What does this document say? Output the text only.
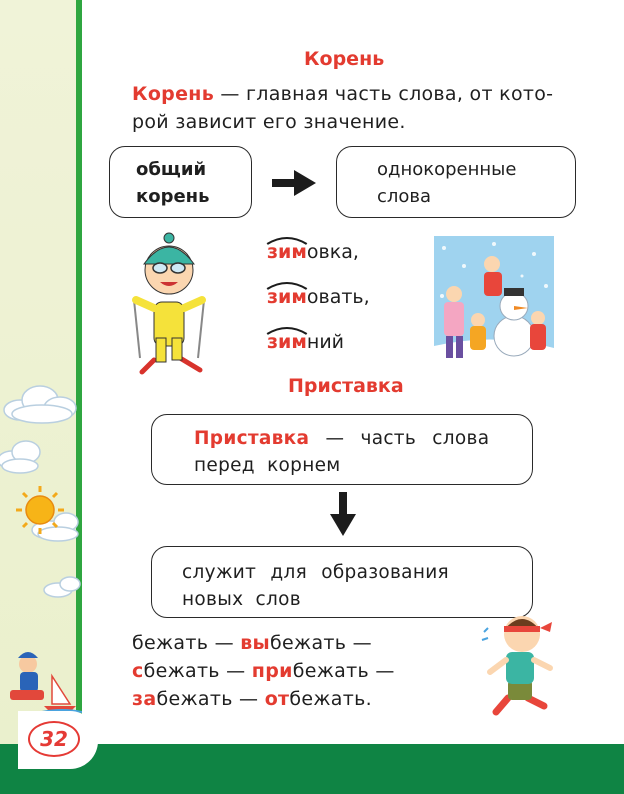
Корень
Корень — главная часть слова, от кото-
рой зависит его значение.
общий
корень
однокоренные
слова
зимовка,
зимовать,
зимний
Приставка
Приставка — часть слова
перед корнем
служит для образования
новых слов
бежать — выбежать —
сбежать — прибежать —
забежать — отбежать.
32
